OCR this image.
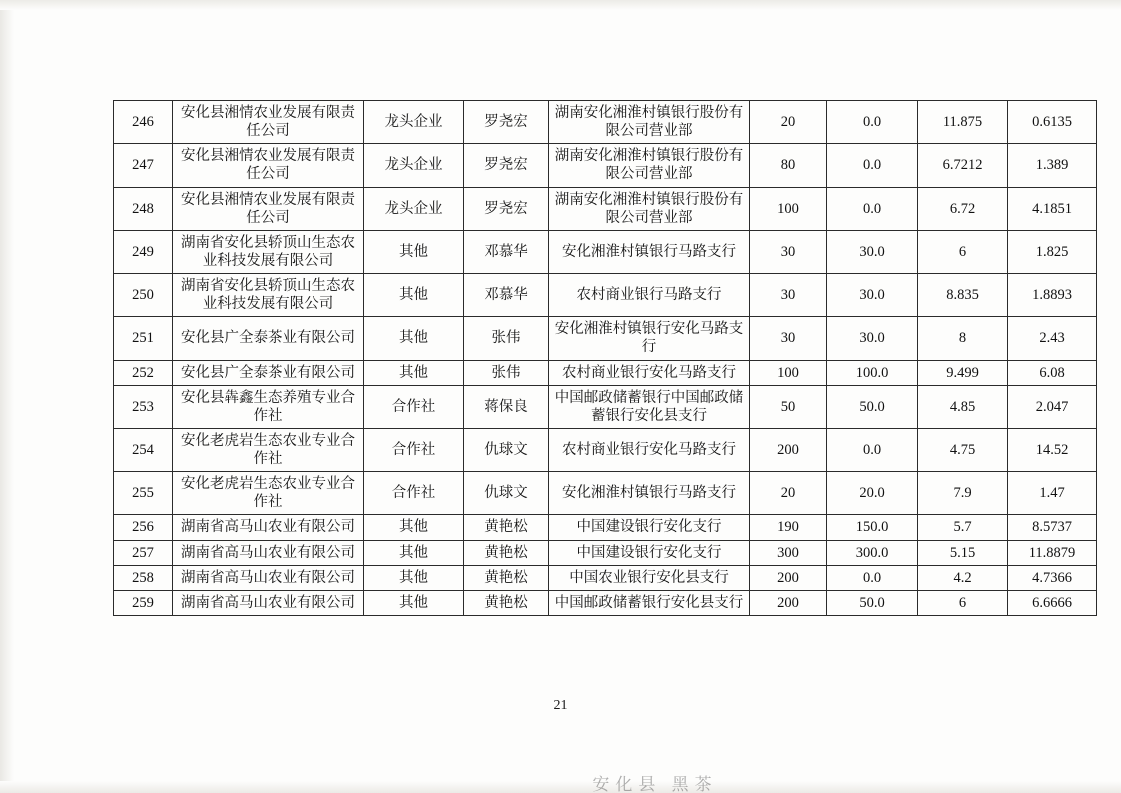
246	安化县湘情农业发展有限责任公司	龙头企业	罗尧宏	湖南安化湘淮村镇银行股份有限公司营业部	20	0.0	11.875	0.6135
247	安化县湘情农业发展有限责任公司	龙头企业	罗尧宏	湖南安化湘淮村镇银行股份有限公司营业部	80	0.0	6.7212	1.389
248	安化县湘情农业发展有限责任公司	龙头企业	罗尧宏	湖南安化湘淮村镇银行股份有限公司营业部	100	0.0	6.72	4.1851
249	湖南省安化县轿顶山生态农业科技发展有限公司	其他	邓慕华	安化湘淮村镇银行马路支行	30	30.0	6	1.825
250	湖南省安化县轿顶山生态农业科技发展有限公司	其他	邓慕华	农村商业银行马路支行	30	30.0	8.835	1.8893
251	安化县广全泰茶业有限公司	其他	张伟	安化湘淮村镇银行安化马路支行	30	30.0	8	2.43
252	安化县广全泰茶业有限公司	其他	张伟	农村商业银行安化马路支行	100	100.0	9.499	6.08
253	安化县犇鑫生态养殖专业合作社	合作社	蒋保良	中国邮政储蓄银行中国邮政储蓄银行安化县支行	50	50.0	4.85	2.047
254	安化老虎岩生态农业专业合作社	合作社	仇球文	农村商业银行安化马路支行	200	0.0	4.75	14.52
255	安化老虎岩生态农业专业合作社	合作社	仇球文	安化湘淮村镇银行马路支行	20	20.0	7.9	1.47
256	湖南省高马山农业有限公司	其他	黄艳松	中国建设银行安化支行	190	150.0	5.7	8.5737
257	湖南省高马山农业有限公司	其他	黄艳松	中国建设银行安化支行	300	300.0	5.15	11.8879
258	湖南省高马山农业有限公司	其他	黄艳松	中国农业银行安化县支行	200	0.0	4.2	4.7366
259	湖南省高马山农业有限公司	其他	黄艳松	中国邮政储蓄银行安化县支行	200	50.0	6	6.6666
21
安化县 黑茶
